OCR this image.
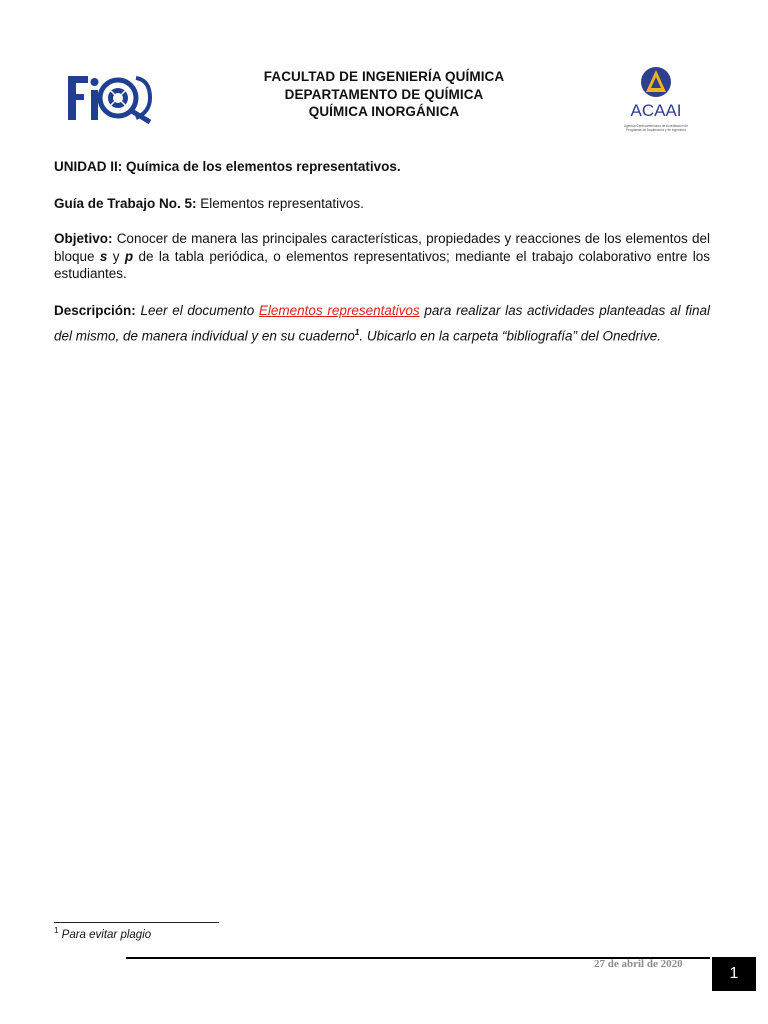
FACULTAD DE INGENIERÍA QUÍMICA
DEPARTAMENTO DE QUÍMICA
QUÍMICA INORGÁNICA	ACAAI
Agencia Centroamericana de Acreditación de
Programas de Arquitectura y de Ingeniería
UNIDAD II: Química de los elementos representativos.
Guía de Trabajo No. 5: Elementos representativos.
Objetivo: Conocer de manera las principales características, propiedades y reacciones de los elementos del bloque s y p de la tabla periódica, o elementos representativos; mediante el trabajo colaborativo entre los estudiantes.
Descripción: Leer el documento Elementos representativos para realizar las actividades planteadas al final del mismo, de manera individual y en su cuaderno$^1$. Ubicarlo en la carpeta “bibliografía” del Onedrive.
$^1$ Para evitar plagio
27 de abril de 2020
1
